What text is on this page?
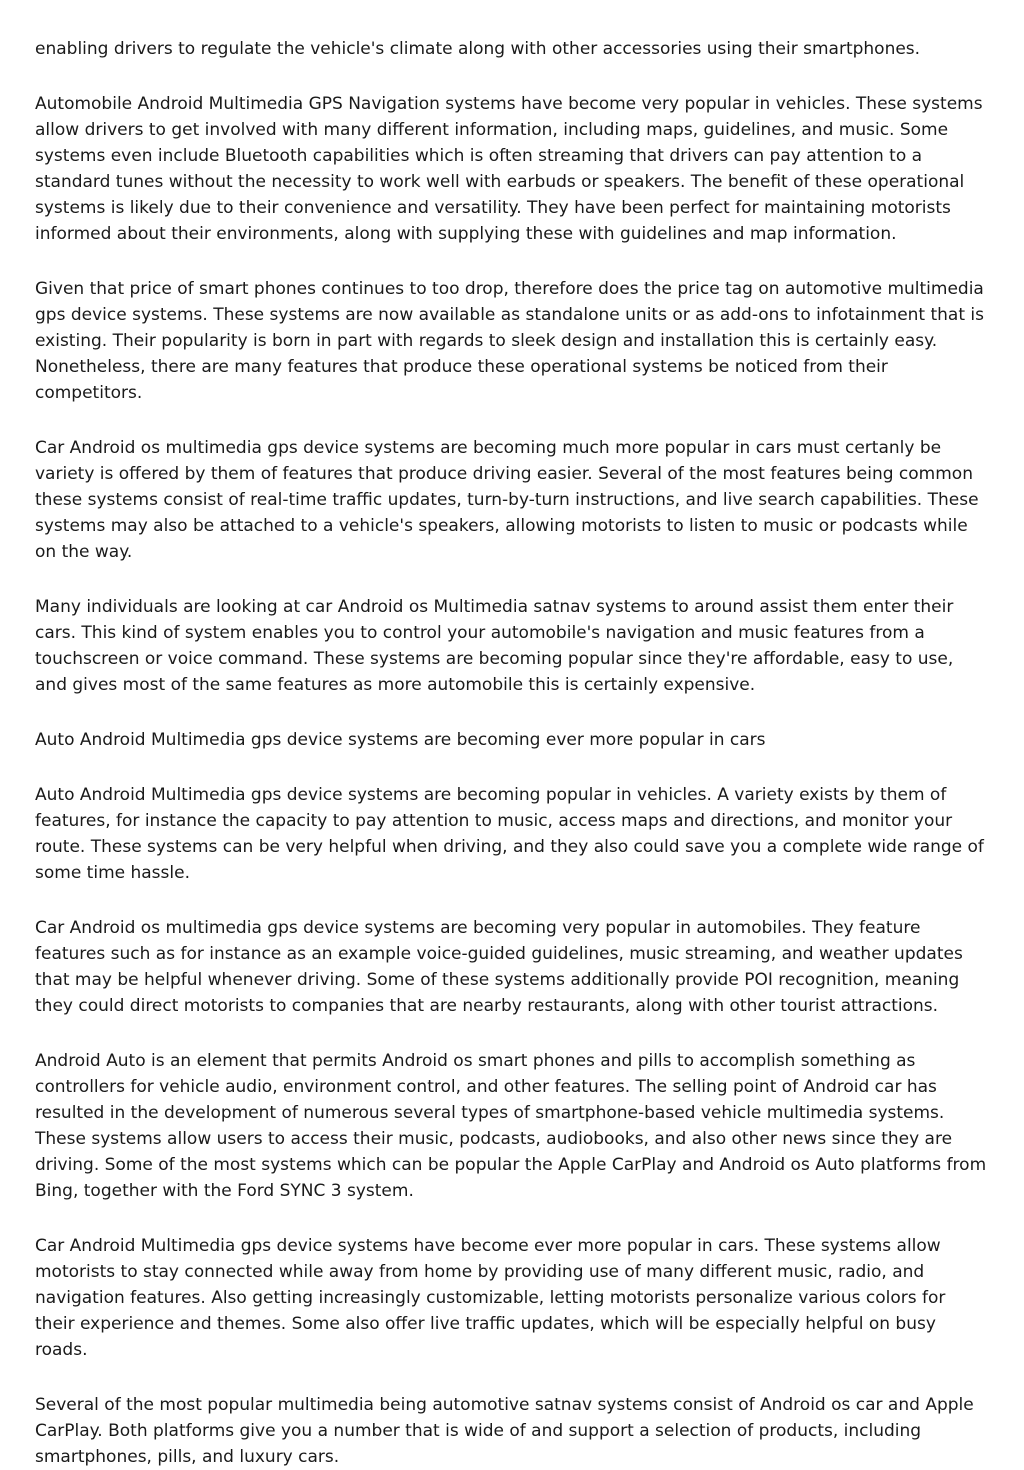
enabling drivers to regulate the vehicle's climate along with other accessories using their smartphones.

Automobile Android Multimedia GPS Navigation systems have become very popular in vehicles. These systems allow drivers to get involved with many different information, including maps, guidelines, and music. Some systems even include Bluetooth capabilities which is often streaming that drivers can pay attention to a standard tunes without the necessity to work well with earbuds or speakers. The benefit of these operational systems is likely due to their convenience and versatility. They have been perfect for maintaining motorists informed about their environments, along with supplying these with guidelines and map information.

Given that price of smart phones continues to too drop, therefore does the price tag on automotive multimedia gps device systems. These systems are now available as standalone units or as add-ons to infotainment that is existing. Their popularity is born in part with regards to sleek design and installation this is certainly easy. Nonetheless, there are many features that produce these operational systems be noticed from their competitors.

Car Android os multimedia gps device systems are becoming much more popular in cars must certanly be variety is offered by them of features that produce driving easier. Several of the most features being common these systems consist of real-time traffic updates, turn-by-turn instructions, and live search capabilities. These systems may also be attached to a vehicle's speakers, allowing motorists to listen to music or podcasts while on the way.

Many individuals are looking at car Android os Multimedia satnav systems to around assist them enter their cars. This kind of system enables you to control your automobile's navigation and music features from a touchscreen or voice command. These systems are becoming popular since they're affordable, easy to use, and gives most of the same features as more automobile this is certainly expensive.

Auto Android Multimedia gps device systems are becoming ever more popular in cars

Auto Android Multimedia gps device systems are becoming popular in vehicles. A variety exists by them of features, for instance the capacity to pay attention to music, access maps and directions, and monitor your route. These systems can be very helpful when driving, and they also could save you a complete wide range of some time hassle.

Car Android os multimedia gps device systems are becoming very popular in automobiles. They feature features such as for instance as an example voice-guided guidelines, music streaming, and weather updates that may be helpful whenever driving. Some of these systems additionally provide POI recognition, meaning they could direct motorists to companies that are nearby restaurants, along with other tourist attractions.

Android Auto is an element that permits Android os smart phones and pills to accomplish something as controllers for vehicle audio, environment control, and other features. The selling point of Android car has resulted in the development of numerous several types of smartphone-based vehicle multimedia systems. These systems allow users to access their music, podcasts, audiobooks, and also other news since they are driving. Some of the most systems which can be popular the Apple CarPlay and Android os Auto platforms from Bing, together with the Ford SYNC 3 system.

Car Android Multimedia gps device systems have become ever more popular in cars. These systems allow motorists to stay connected while away from home by providing use of many different music, radio, and navigation features. Also getting increasingly customizable, letting motorists personalize various colors for their experience and themes. Some also offer live traffic updates, which will be especially helpful on busy roads.

Several of the most popular multimedia being automotive satnav systems consist of Android os car and Apple CarPlay. Both platforms give you a number that is wide of and support a selection of products, including smartphones, pills, and luxury cars.
